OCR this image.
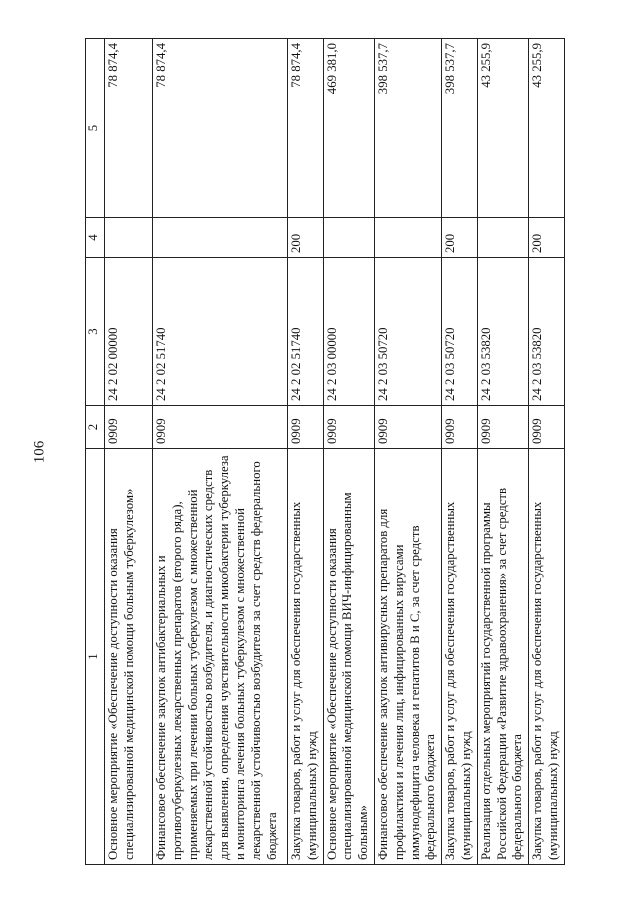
106
1	2	3	4	5
Основное мероприятие «Обеспечение доступности оказания специализированной медицинской помощи больным туберкулезом»	0909	24 2 02 00000		78 874,4
Финансовое обеспечение закупок антибактериальных и противотуберкулезных лекарственных препаратов (второго ряда), применяемых при лечении больных туберкулезом с множественной лекарственной устойчивостью возбудителя, и диагностических средств для выявления, определения чувствительности микобактерии туберкулеза и мониторинга лечения больных туберкулезом с множественной лекарственной устойчивостью возбудителя за счет средств федерального бюджета	0909	24 2 02 51740		78 874,4
Закупка товаров, работ и услуг для обеспечения государственных (муниципальных) нужд	0909	24 2 02 51740	200	78 874,4
Основное мероприятие «Обеспечение доступности оказания специализированной медицинской помощи ВИЧ-инфицированным больным»	0909	24 2 03 00000		469 381,0
Финансовое обеспечение закупок антивирусных препаратов для профилактики и лечения лиц, инфицированных вирусами иммунодефицита человека и гепатитов В и С, за счет средств федерального бюджета	0909	24 2 03 50720		398 537,7
Закупка товаров, работ и услуг для обеспечения государственных (муниципальных) нужд	0909	24 2 03 50720	200	398 537,7
Реализация отдельных мероприятий государственной программы Российской Федерации «Развитие здравоохранения» за счет средств федерального бюджета	0909	24 2 03 53820		43 255,9
Закупка товаров, работ и услуг для обеспечения государственных (муниципальных) нужд	0909	24 2 03 53820	200	43 255,9
